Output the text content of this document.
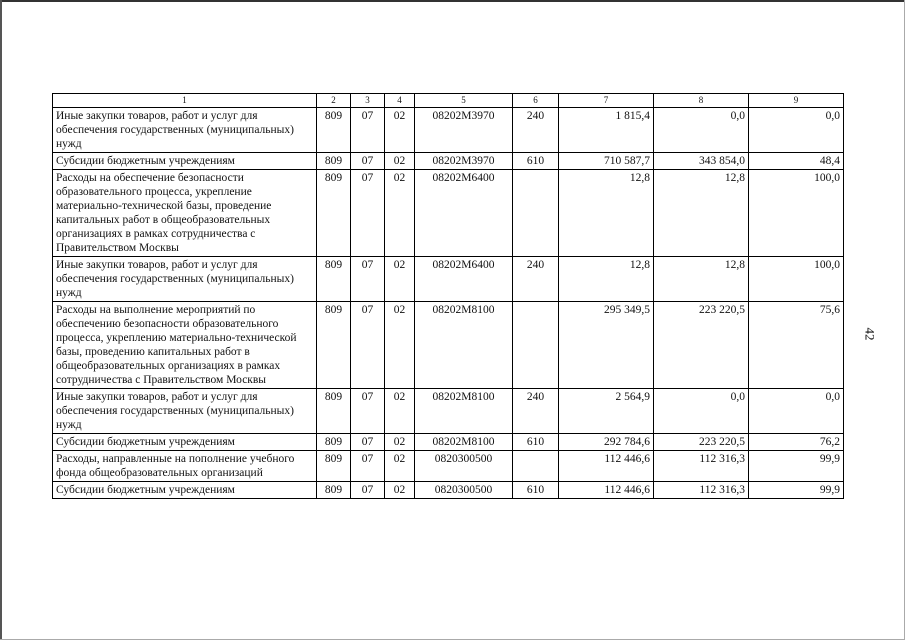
1	2	3	4	5	6	7	8	9
Иные закупки товаров, работ и услуг для обеспечения государственных (муниципальных) нужд	809	07	02	08202M3970	240	1 815,4	0,0	0,0
Субсидии бюджетным учреждениям	809	07	02	08202M3970	610	710 587,7	343 854,0	48,4
Расходы на обеспечение безопасности образовательного процесса, укрепление материально-технической базы, проведение капитальных работ в общеобразовательных организациях в рамках сотрудничества с Правительством Москвы	809	07	02	08202M6400		12,8	12,8	100,0
Иные закупки товаров, работ и услуг для обеспечения государственных (муниципальных) нужд	809	07	02	08202M6400	240	12,8	12,8	100,0
Расходы на выполнение мероприятий по обеспечению безопасности образовательного процесса, укреплению материально-технической базы, проведению капитальных работ в общеобразовательных организациях в рамках сотрудничества с Правительством Москвы	809	07	02	08202M8100		295 349,5	223 220,5	75,6
Иные закупки товаров, работ и услуг для обеспечения государственных (муниципальных) нужд	809	07	02	08202M8100	240	2 564,9	0,0	0,0
Субсидии бюджетным учреждениям	809	07	02	08202M8100	610	292 784,6	223 220,5	76,2
Расходы, направленные на пополнение учебного фонда общеобразовательных организаций	809	07	02	0820300500		112 446,6	112 316,3	99,9
Субсидии бюджетным учреждениям	809	07	02	0820300500	610	112 446,6	112 316,3	99,9
42
